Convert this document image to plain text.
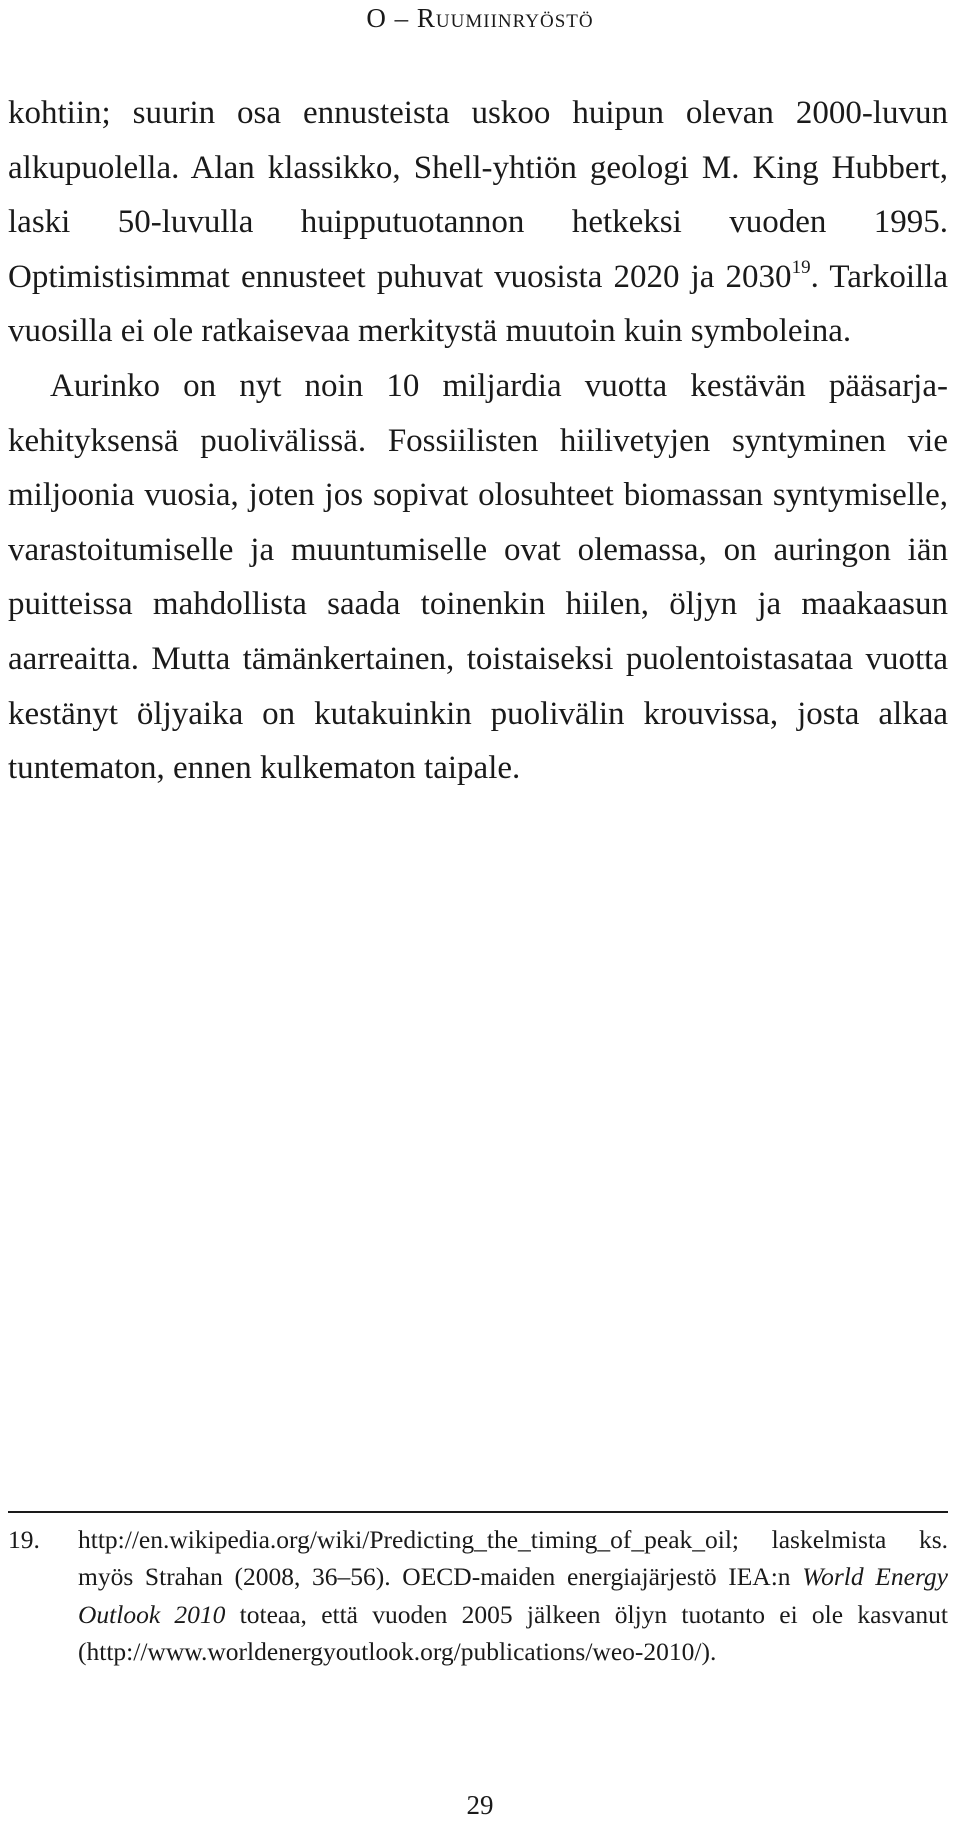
O – Ruumiinryöstö

kohtiin; suurin osa ennusteista uskoo huipun olevan 2000-luvun alkupuolella. Alan klassikko, Shell-yhtiön geologi M. King Hubbert, laski 50-luvulla huipputuotannon hetkeksi vuoden 1995. Optimistisimmat ennusteet puhuvat vuosista 2020 ja 2030$^{19}$. Tarkoilla vuosilla ei ole ratkaisevaa merkitystä muutoin kuin symboleina.

Aurinko on nyt noin 10 miljardia vuotta kestävän pääsarjakehityksensä puolivälissä. Fossiilisten hiilivetyjen syntyminen vie miljoonia vuosia, joten jos sopivat olosuhteet biomassan syntymiselle, varastoitumiselle ja muuntumiselle ovat olemassa, on auringon iän puitteissa mahdollista saada toinenkin hiilen, öljyn ja maakaasun aarreaitta. Mutta tämänkertainen, toistaiseksi puolentoistasataa vuotta kestänyt öljyaika on kutakuinkin puolivälin krouvissa, josta alkaa tuntematon, ennen kulkematon taipale.

19. http://en.wikipedia.org/wiki/Predicting_the_timing_of_peak_oil; laskelmista ks. myös Strahan (2008, 36–56). OECD-maiden energiajärjestö IEA:n World Energy Outlook 2010 toteaa, että vuoden 2005 jälkeen öljyn tuotanto ei ole kasvanut (http://www.worldenergyoutlook.org/publications/weo-2010/).
29
